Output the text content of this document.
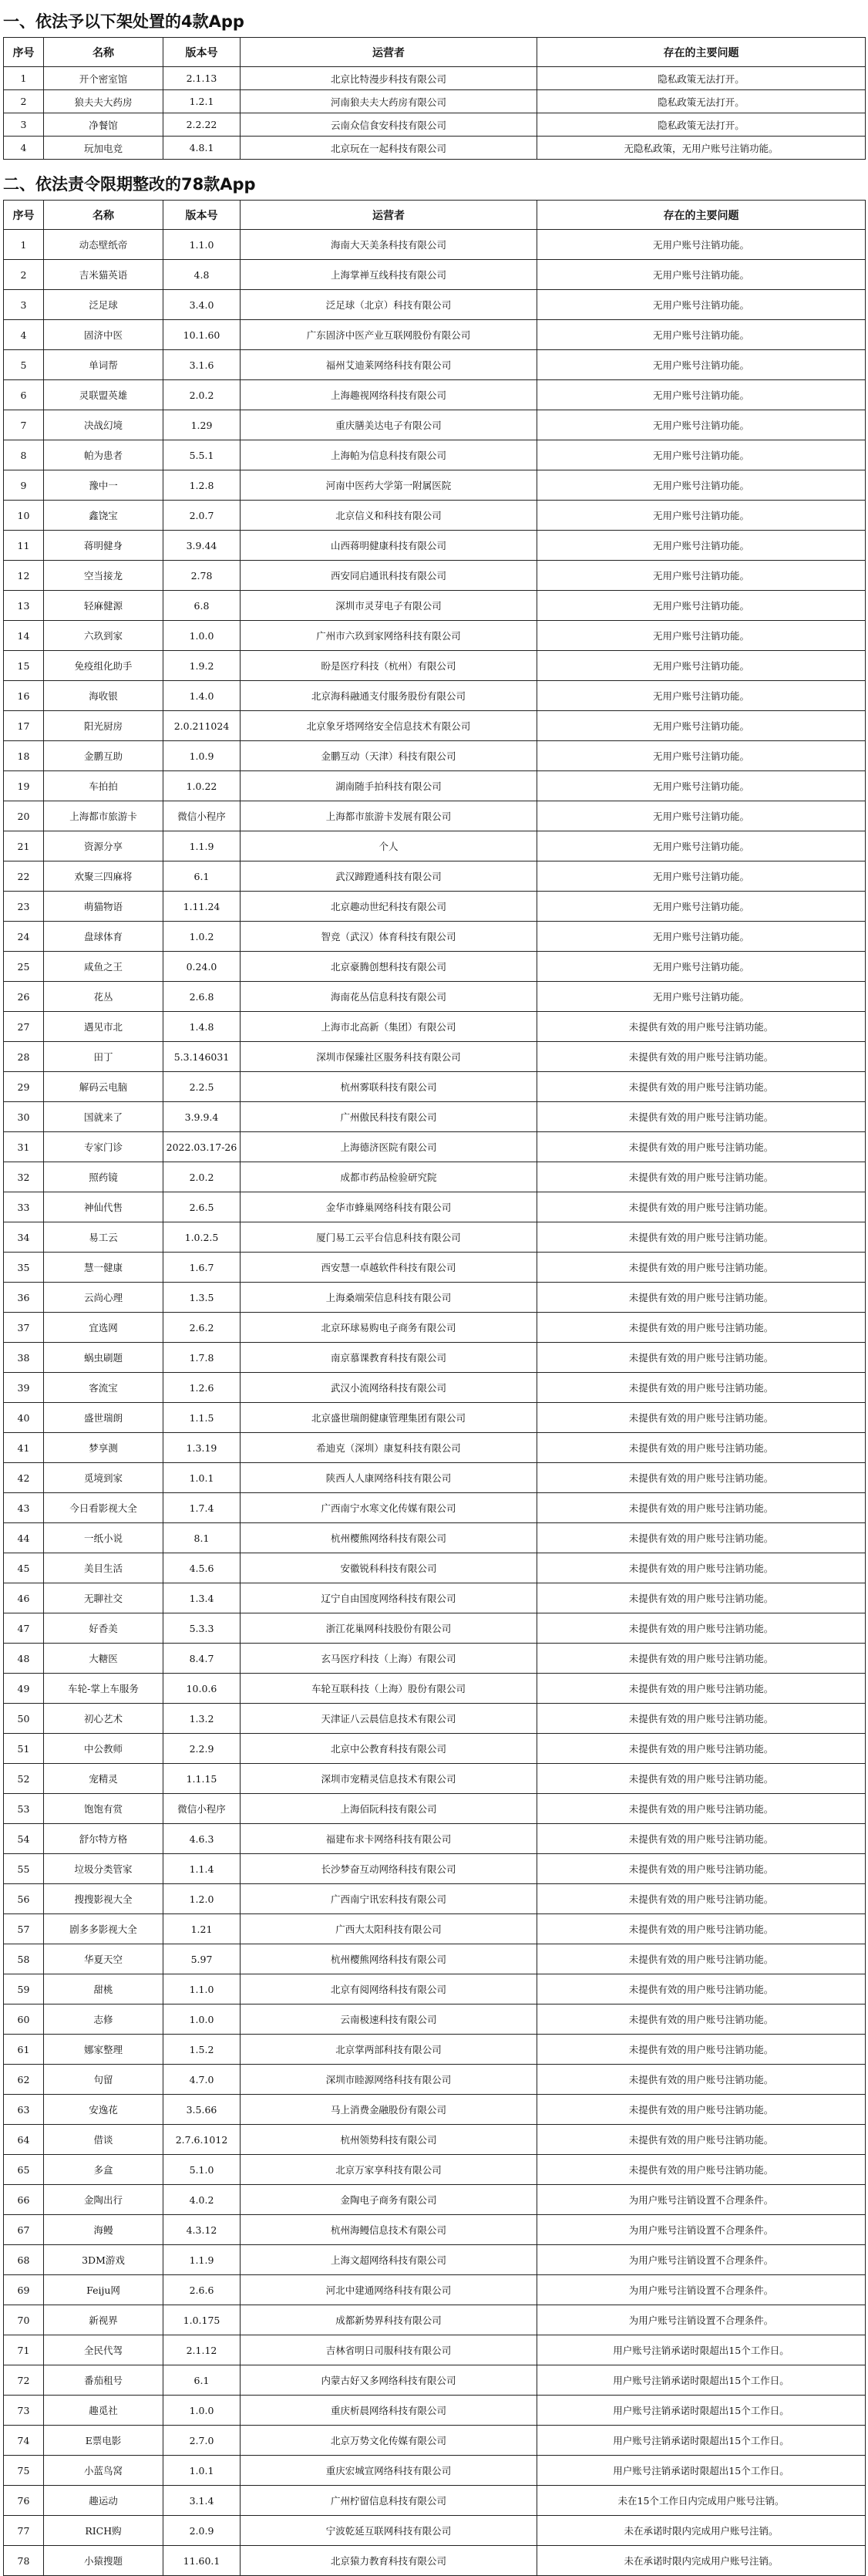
一、依法予以下架处置的4款App
序号	名称	版本号	运营者	存在的主要问题
1	开个密室馆	2.1.13	北京比特漫步科技有限公司	隐私政策无法打开。
2	狼夫夫大药房	1.2.1	河南狼夫夫大药房有限公司	隐私政策无法打开。
3	净餐馆	2.2.22	云南众信食安科技有限公司	隐私政策无法打开。
4	玩加电竞	4.8.1	北京玩在一起科技有限公司	无隐私政策，无用户账号注销功能。
二、依法责令限期整改的78款App
序号	名称	版本号	运营者	存在的主要问题
1	动态壁纸帝	1.1.0	海南大天美条科技有限公司	无用户账号注销功能。
2	吉米猫英语	4.8	上海掌禅互线科技有限公司	无用户账号注销功能。
3	泛足球	3.4.0	泛足球（北京）科技有限公司	无用户账号注销功能。
4	固济中医	10.1.60	广东固济中医产业互联网股份有限公司	无用户账号注销功能。
5	单词帮	3.1.6	福州艾迪莱网络科技有限公司	无用户账号注销功能。
6	灵联盟英雄	2.0.2	上海趣视网络科技有限公司	无用户账号注销功能。
7	决战幻境	1.29	重庆膳美达电子有限公司	无用户账号注销功能。
8	帕为患者	5.5.1	上海帕为信息科技有限公司	无用户账号注销功能。
9	豫中一	1.2.8	河南中医药大学第一附属医院	无用户账号注销功能。
10	鑫饶宝	2.0.7	北京信义和科技有限公司	无用户账号注销功能。
11	蒋明健身	3.9.44	山西蒋明健康科技有限公司	无用户账号注销功能。
12	空当接龙	2.78	西安同启通讯科技有限公司	无用户账号注销功能。
13	轻麻健源	6.8	深圳市灵芽电子有限公司	无用户账号注销功能。
14	六玖到家	1.0.0	广州市六玖到家网络科技有限公司	无用户账号注销功能。
15	免疫组化助手	1.9.2	盼是医疗科技（杭州）有限公司	无用户账号注销功能。
16	海收银	1.4.0	北京海科融通支付服务股份有限公司	无用户账号注销功能。
17	阳光厨房	2.0.211024	北京象牙塔网络安全信息技术有限公司	无用户账号注销功能。
18	金鹏互助	1.0.9	金鹏互动（天津）科技有限公司	无用户账号注销功能。
19	车拍拍	1.0.22	湖南随手拍科技有限公司	无用户账号注销功能。
20	上海都市旅游卡	微信小程序	上海都市旅游卡发展有限公司	无用户账号注销功能。
21	资源分享	1.1.9	个人	无用户账号注销功能。
22	欢聚三四麻将	6.1	武汉蹄蹬通科技有限公司	无用户账号注销功能。
23	萌猫物语	1.11.24	北京趣动世纪科技有限公司	无用户账号注销功能。
24	盘球体育	1.0.2	智竞（武汉）体育科技有限公司	无用户账号注销功能。
25	咸鱼之王	0.24.0	北京豪腾创想科技有限公司	无用户账号注销功能。
26	花丛	2.6.8	海南花丛信息科技有限公司	无用户账号注销功能。
27	遇见市北	1.4.8	上海市北高新（集团）有限公司	未提供有效的用户账号注销功能。
28	田丁	5.3.146031	深圳市保臻社区服务科技有限公司	未提供有效的用户账号注销功能。
29	解码云电脑	2.2.5	杭州雾联科技有限公司	未提供有效的用户账号注销功能。
30	国就来了	3.9.9.4	广州傲民科技有限公司	未提供有效的用户账号注销功能。
31	专家门诊	2022.03.17-26	上海德济医院有限公司	未提供有效的用户账号注销功能。
32	照药镜	2.0.2	成都市药品检验研究院	未提供有效的用户账号注销功能。
33	神仙代售	2.6.5	金华市蜂巢网络科技有限公司	未提供有效的用户账号注销功能。
34	易工云	1.0.2.5	厦门易工云平台信息科技有限公司	未提供有效的用户账号注销功能。
35	慧一健康	1.6.7	西安慧一卓越软件科技有限公司	未提供有效的用户账号注销功能。
36	云尚心理	1.3.5	上海桑端荣信息科技有限公司	未提供有效的用户账号注销功能。
37	宜选网	2.6.2	北京环球易购电子商务有限公司	未提供有效的用户账号注销功能。
38	蜗虫刷题	1.7.8	南京慕课教育科技有限公司	未提供有效的用户账号注销功能。
39	客流宝	1.2.6	武汉小流网络科技有限公司	未提供有效的用户账号注销功能。
40	盛世瑞朗	1.1.5	北京盛世瑞朗健康管理集团有限公司	未提供有效的用户账号注销功能。
41	梦享测	1.3.19	希迪克（深圳）康复科技有限公司	未提供有效的用户账号注销功能。
42	觅境到家	1.0.1	陕西人人康网络科技有限公司	未提供有效的用户账号注销功能。
43	今日看影视大全	1.7.4	广西南宁水寒文化传媒有限公司	未提供有效的用户账号注销功能。
44	一纸小说	8.1	杭州樱熊网络科技有限公司	未提供有效的用户账号注销功能。
45	美目生活	4.5.6	安徽锐科科技有限公司	未提供有效的用户账号注销功能。
46	无聊社交	1.3.4	辽宁自由国度网络科技有限公司	未提供有效的用户账号注销功能。
47	好香美	5.3.3	浙江花巢网科技股份有限公司	未提供有效的用户账号注销功能。
48	大糖医	8.4.7	玄马医疗科技（上海）有限公司	未提供有效的用户账号注销功能。
49	车轮-掌上车服务	10.0.6	车轮互联科技（上海）股份有限公司	未提供有效的用户账号注销功能。
50	初心艺术	1.3.2	天津证八云晨信息技术有限公司	未提供有效的用户账号注销功能。
51	中公教师	2.2.9	北京中公教育科技有限公司	未提供有效的用户账号注销功能。
52	宠精灵	1.1.15	深圳市宠精灵信息技术有限公司	未提供有效的用户账号注销功能。
53	饱饱有赏	微信小程序	上海佰阮科技有限公司	未提供有效的用户账号注销功能。
54	舒尔特方格	4.6.3	福建布求卡网络科技有限公司	未提供有效的用户账号注销功能。
55	垃圾分类管家	1.1.4	长沙梦奋互动网络科技有限公司	未提供有效的用户账号注销功能。
56	搜搜影视大全	1.2.0	广西南宁讯宏科技有限公司	未提供有效的用户账号注销功能。
57	剧多多影视大全	1.21	广西大太阳科技有限公司	未提供有效的用户账号注销功能。
58	华夏天空	5.97	杭州樱熊网络科技有限公司	未提供有效的用户账号注销功能。
59	甜桃	1.1.0	北京有阅网络科技有限公司	未提供有效的用户账号注销功能。
60	志修	1.0.0	云南极速科技有限公司	未提供有效的用户账号注销功能。
61	娜家整理	1.5.2	北京掌两部科技有限公司	未提供有效的用户账号注销功能。
62	句留	4.7.0	深圳市睦源网络科技有限公司	未提供有效的用户账号注销功能。
63	安逸花	3.5.66	马上消费金融股份有限公司	未提供有效的用户账号注销功能。
64	借谈	2.7.6.1012	杭州领势科技有限公司	未提供有效的用户账号注销功能。
65	多盒	5.1.0	北京万家享科技有限公司	未提供有效的用户账号注销功能。
66	金陶出行	4.0.2	金陶电子商务有限公司	为用户账号注销设置不合理条件。
67	海鳗	4.3.12	杭州海鳗信息技术有限公司	为用户账号注销设置不合理条件。
68	3DM游戏	1.1.9	上海文超网络科技有限公司	为用户账号注销设置不合理条件。
69	Feiju网	2.6.6	河北中建通网络科技有限公司	为用户账号注销设置不合理条件。
70	新视界	1.0.175	成都新势界科技有限公司	为用户账号注销设置不合理条件。
71	全民代驾	2.1.12	吉林省明日司服科技有限公司	用户账号注销承诺时限超出15个工作日。
72	番茄租号	6.1	内蒙古好又多网络科技有限公司	用户账号注销承诺时限超出15个工作日。
73	趣觅社	1.0.0	重庆析晨网络科技有限公司	用户账号注销承诺时限超出15个工作日。
74	E票电影	2.7.0	北京万势文化传媒有限公司	用户账号注销承诺时限超出15个工作日。
75	小蓝鸟窝	1.0.1	重庆宏城宣网络科技有限公司	用户账号注销承诺时限超出15个工作日。
76	趣运动	3.1.4	广州柠留信息科技有限公司	未在15个工作日内完成用户账号注销。
77	RICH购	2.0.9	宁波乾延互联网科技有限公司	未在承诺时限内完成用户账号注销。
78	小猿搜题	11.60.1	北京猿力教育科技有限公司	未在承诺时限内完成用户账号注销。
